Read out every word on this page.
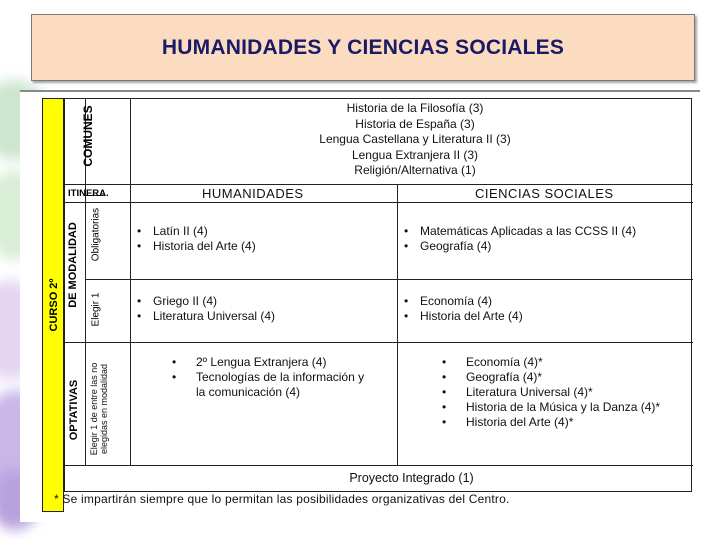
HUMANIDADES Y CIENCIAS SOCIALES
CURSO 2º
COMUNES
ITINERA.
DE MODALIDAD Obligatorias
Elegir 1
OPTATIVAS Elegir 1 de entre las no elegidas en modalidad
Historia de la Filosofía (3)
Historia de España (3)
Lengua Castellana y Literatura II (3)
Lengua Extranjera II (3)
Religión/Alternativa (1)
HUMANIDADES	CIENCIAS SOCIALES
• Latín II (4)
• Historia del Arte (4)
• Matemáticas Aplicadas a las CCSS II (4)
• Geografía (4)
• Griego II (4)
• Literatura Universal (4)
• Economía (4)
• Historia del Arte (4)
• 2º Lengua Extranjera (4)
• Tecnologías de la información y la comunicación (4)
• Economía (4)*
• Geografía (4)*
• Literatura Universal (4)*
• Historia de la Música y la Danza (4)*
• Historia del Arte (4)*
Proyecto Integrado (1)
* Se impartirán siempre que lo permitan las posibilidades organizativas del Centro.
